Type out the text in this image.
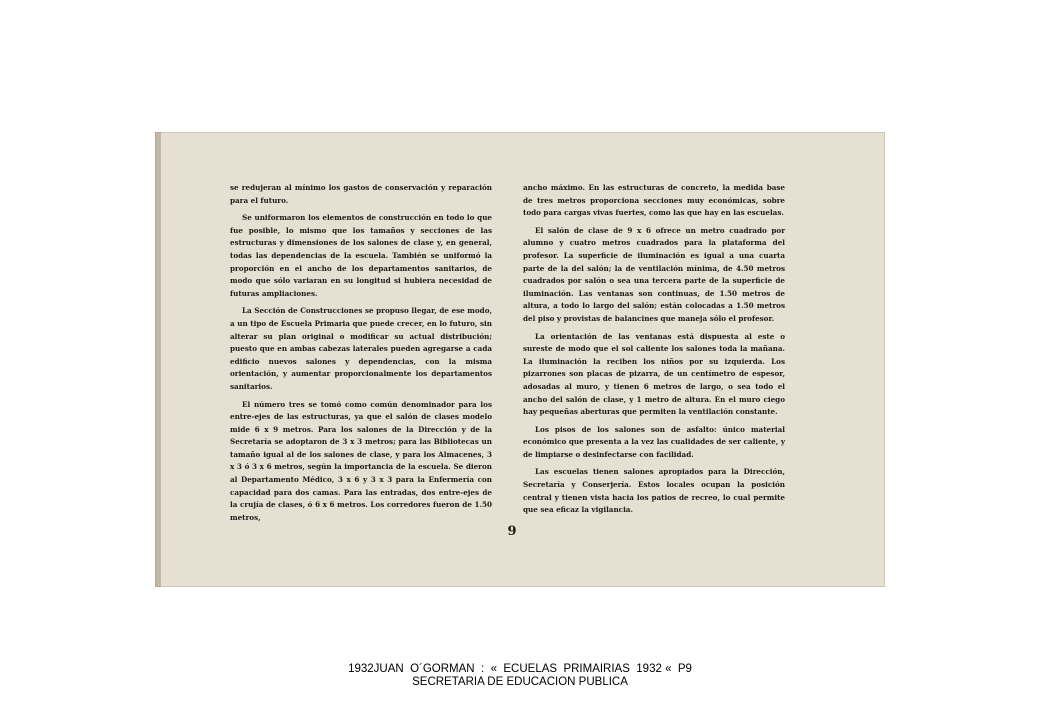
se redujeran al mínimo los gastos de conservación y reparación para el futuro.

Se uniformaron los elementos de construcción en todo lo que fue posible, lo mismo que los tamaños y secciones de las estructuras y dimensiones de los salones de clase y, en general, todas las dependencias de la escuela. También se uniformó la proporción en el ancho de los departamentos sanitarios, de modo que sólo variaran en su longitud si hubiera necesidad de futuras ampliaciones.

La Sección de Construcciones se propuso llegar, de ese modo, a un tipo de Escuela Primaria que puede crecer, en lo futuro, sin alterar su plan original o modificar su actual distribución; puesto que en ambas cabezas laterales pueden agregarse a cada edificio nuevos salones y dependencias, con la misma orientación, y aumentar proporcionalmente los departamentos sanitarios.

El número tres se tomó como común denominador para los entre-ejes de las estructuras, ya que el salón de clases modelo mide 6 x 9 metros. Para los salones de la Dirección y de la Secretaría se adoptaron de 3 x 3 metros; para las Bibliotecas un tamaño igual al de los salones de clase, y para los Almacenes, 3 x 3 ó 3 x 6 metros, según la importancia de la escuela. Se dieron al Departamento Médico, 3 x 6 y 3 x 3 para la Enfermería con capacidad para dos camas. Para las entradas, dos entre-ejes de la crujía de clases, ó 6 x 6 metros. Los corredores fueron de 1.50 metros,

ancho máximo. En las estructuras de concreto, la medida base de tres metros proporciona secciones muy económicas, sobre todo para cargas vivas fuertes, como las que hay en las escuelas.

El salón de clase de 9 x 6 ofrece un metro cuadrado por alumno y cuatro metros cuadrados para la plataforma del profesor. La superficie de iluminación es igual a una cuarta parte de la del salón; la de ventilación mínima, de 4.50 metros cuadrados por salón o sea una tercera parte de la superficie de iluminación. Las ventanas son continuas, de 1.50 metros de altura, a todo lo largo del salón; están colocadas a 1.50 metros del piso y provistas de balancines que maneja sólo el profesor.

La orientación de las ventanas está dispuesta al este o sureste de modo que el sol caliente los salones toda la mañana. La iluminación la reciben los niños por su izquierda. Los pizarrones son placas de pizarra, de un centímetro de espesor, adosadas al muro, y tienen 6 metros de largo, o sea todo el ancho del salón de clase, y 1 metro de altura. En el muro ciego hay pequeñas aberturas que permiten la ventilación constante.

Los pisos de los salones son de asfalto: único material económico que presenta a la vez las cualidades de ser caliente, y de limpiarse o desinfectarse con facilidad.

Las escuelas tienen salones apropiados para la Dirección, Secretaría y Conserjería. Estos locales ocupan la posición central y tienen vista hacia los patios de recreo, lo cual permite que sea eficaz la vigilancia.

9
1932JUAN  O´GORMAN  :  «  ECUELAS  PRIMAIRIAS  1932 «  P9
SECRETARIA DE EDUCACION PUBLICA
